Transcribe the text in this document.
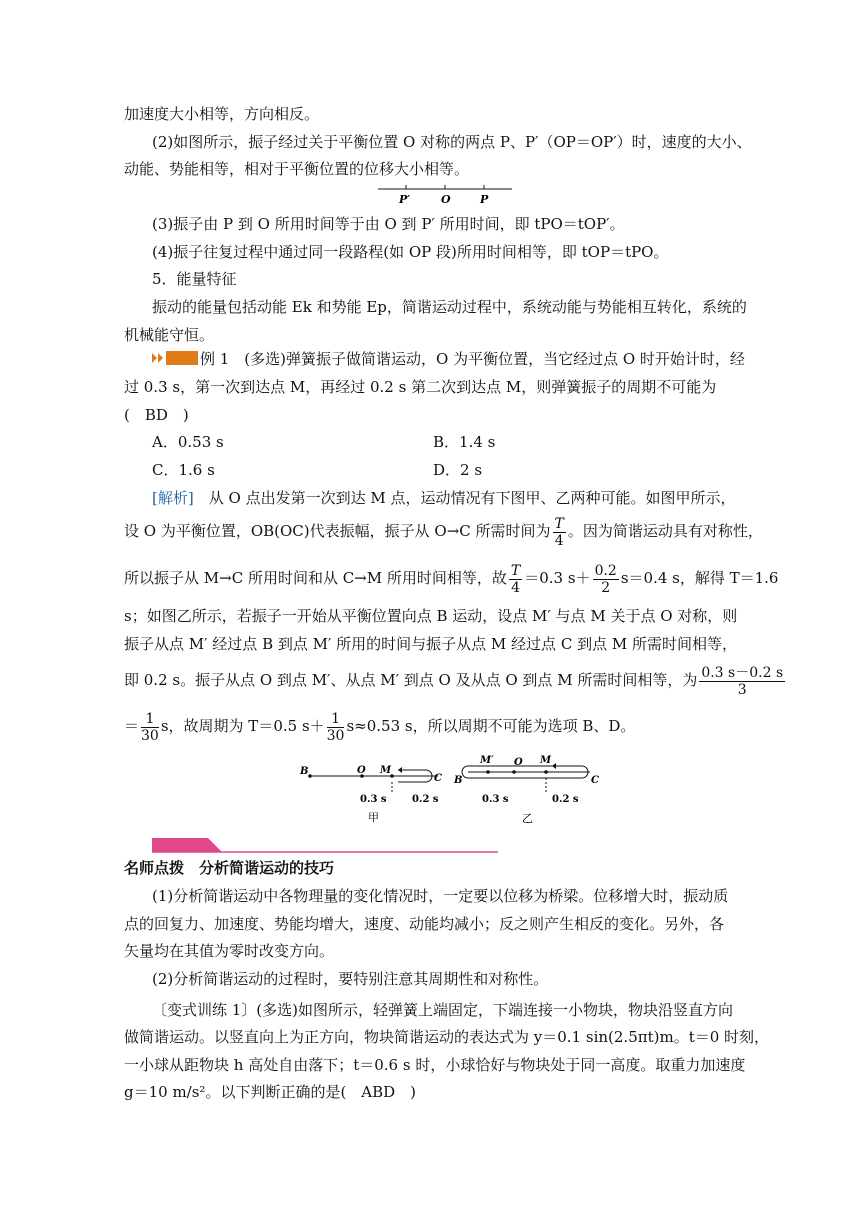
加速度大小相等，方向相反。
(2)如图所示，振子经过关于平衡位置 O 对称的两点 P、P′（OP＝OP′）时，速度的大小、
动能、势能相等，相对于平衡位置的位移大小相等。
P′	O	P
(3)振子由 P 到 O 所用时间等于由 O 到 P′ 所用时间，即 tPO＝tOP′。
(4)振子往复过程中通过同一段路程(如 OP 段)所用时间相等，即 tOP＝tPO。
5．能量特征
振动的能量包括动能 Ek 和势能 Ep，简谐运动过程中，系统动能与势能相互转化，系统的
机械能守恒。
例 1　(多选)弹簧振子做简谐运动，O 为平衡位置，当它经过点 O 时开始计时，经
过 0.3 s，第一次到达点 M，再经过 0.2 s 第二次到达点 M，则弹簧振子的周期不可能为
(　BD　)
A．0.53 s	B．1.4 s
C．1.6 s	D．2 s
[解析]　 从 O 点出发第一次到达 M 点，运动情况有下图甲、乙两种可能。如图甲所示，
设 O 为平衡位置，OB(OC)代表振幅，振子从 O→C 所需时间为 $\frac{T}{4}$ 。因为简谐运动具有对称性，
所以振子从 M→C 所用时间和从 C→M 所用时间相等，故 $\frac{T}{4} =0.3$ $s+ \frac{0.2}{2} s=0.4$ s，解得 T＝1.6
s；如图乙所示，若振子一开始从平衡位置向点 B 运动，设点 M′ 与点 M 关于点 O 对称，则
振子从点 M′ 经过点 B 到点 M′ 所用的时间与振子从点 M 经过点 C 到点 M 所需时间相等，
即 0.2 s。振子从点 O 到点 M′、从点 M′ 到点 O 及从点 O 到点 M 所需时间相等，为 $\frac{0.3 s-0.2 s}{3}$
＝ $\frac{1}{30}$ s，故周期为 T＝0.5 $s+ \frac{1}{30} s\approx 0.53$ s，所以周期不可能为选项 B、D。
B	O M
C
0.3 s	0.2 s
甲
M′	M
O
B	C
0.3 s	0.2 s
乙
名师点拨　分析简谐运动的技巧
(1)分析简谐运动中各物理量的变化情况时，一定要以位移为桥梁。位移增大时，振动质
点的回复力、加速度、势能均增大，速度、动能均减小；反之则产生相反的变化。另外，各
矢量均在其值为零时改变方向。
(2)分析简谐运动的过程时，要特别注意其周期性和对称性。
〔变式训练 1〕(多选)如图所示，轻弹簧上端固定，下端连接一小物块，物块沿竖直方向
做简谐运动。以竖直向上为正方向，物块简谐运动的表达式为 y＝0.1 sin(2.5πt)m。t＝0 时刻，
一小球从距物块 h 高处自由落下；t＝0.6 s 时，小球恰好与物块处于同一高度。取重力加速度
g＝10 m/s²。以下判断正确的是(　ABD　)
